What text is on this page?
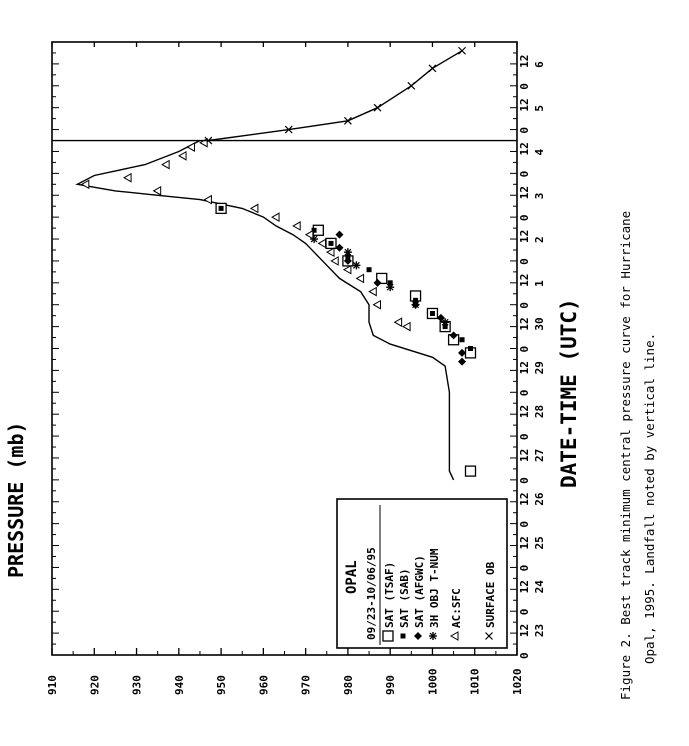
910	920	930	940	950	960	970	980	990	1000	1010	1020
0
12 23
0
12 24
0
12 25
0
12 26
0
12 27
0
12 28
0
12 29
0
12 30
0
12 1
0
12 2
0
12 3
0
12 4
0
12 5
0
12 6
PRESSURE (mb)
DATE-TIME (UTC)
OPAL 09/23-10/06/95 SAT (TSAF) SAT (SAB) SAT (AFGWC) 3H OBJ T-NUM AC:SFC SURFACE OB	Figure 2. Best track minimum central pressure curve for Hurricane Opal, 1995. Landfall noted by vertical line.
